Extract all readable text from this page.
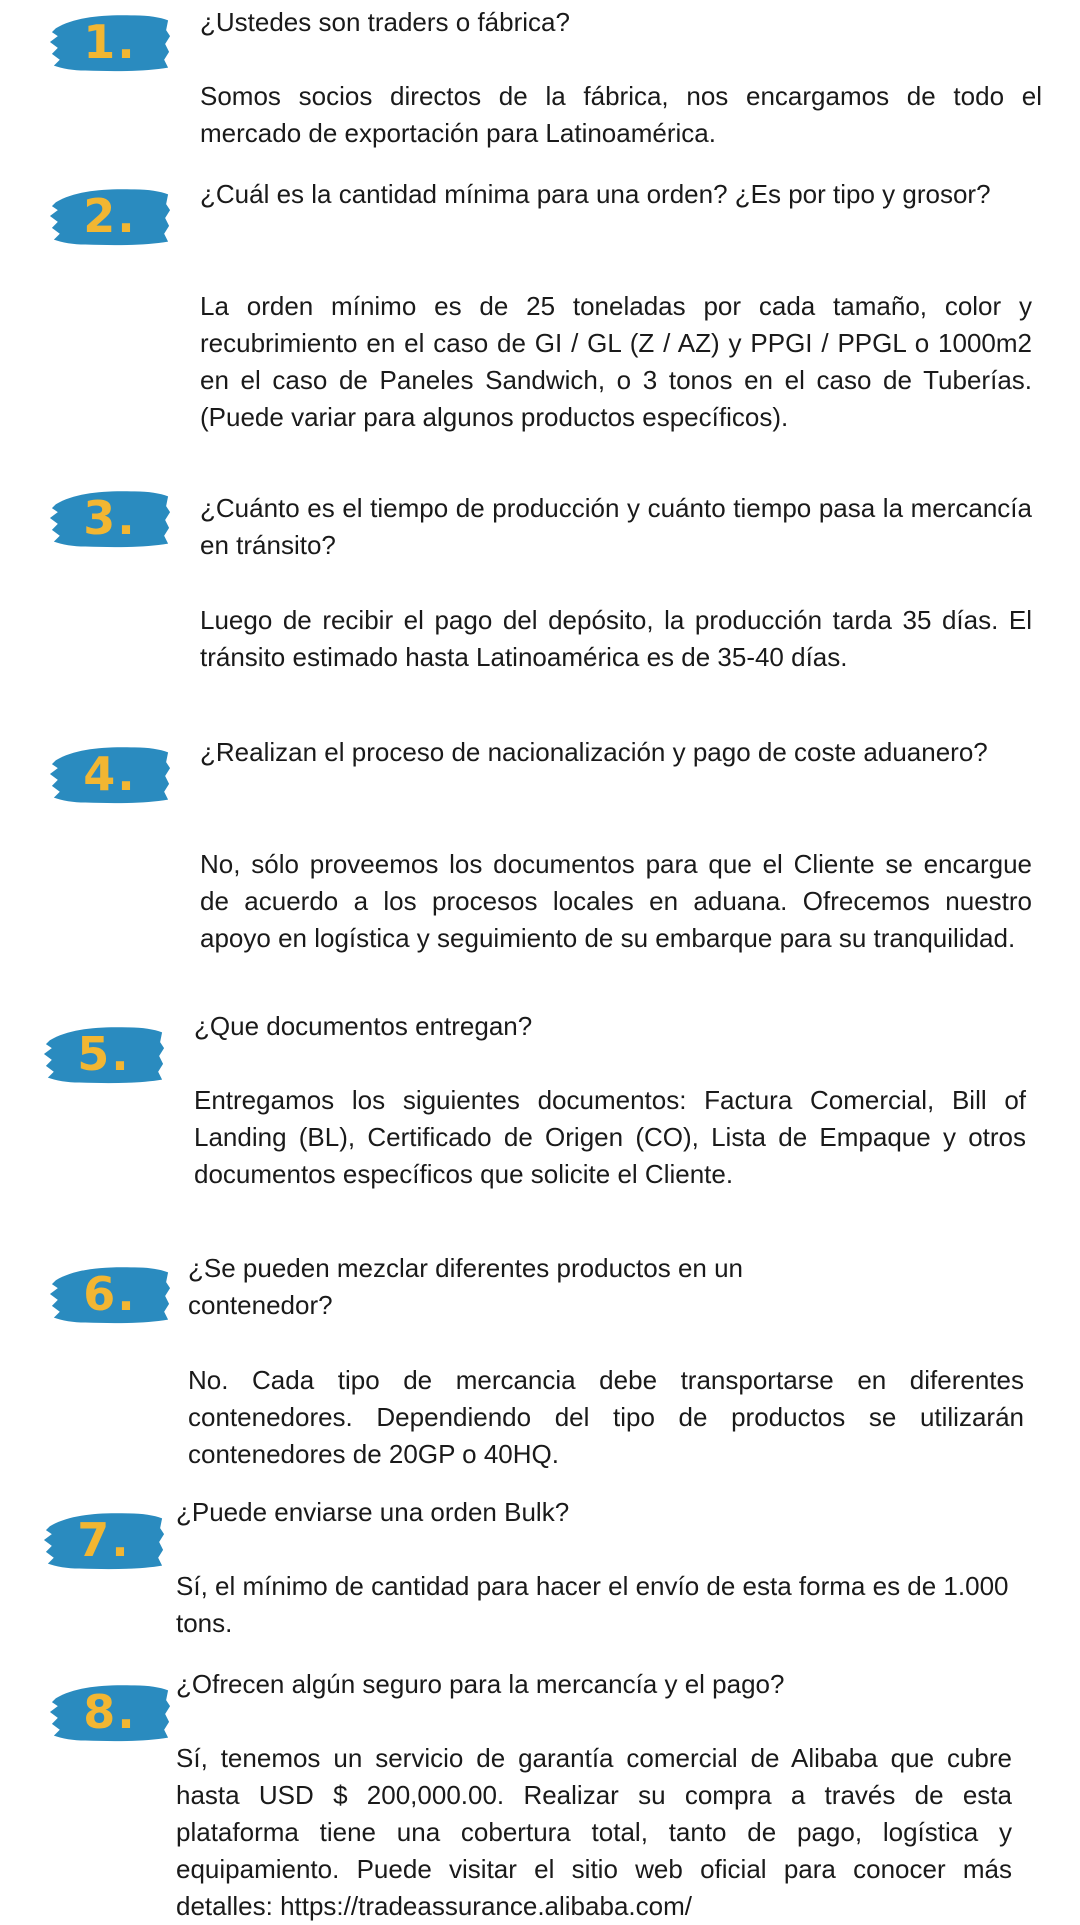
1.	¿Ustedes son traders o fábrica?
Somos socios directos de la fábrica, nos encargamos de todo el mercado de exportación para Latinoamérica.
2.	¿Cuál es la cantidad mínima para una orden? ¿Es por tipo y grosor?
La orden mínimo es de 25 toneladas por cada tamaño, color y recubrimiento en el caso de GI / GL (Z / AZ) y PPGI / PPGL o 1000m2 en el caso de Paneles Sandwich, o 3 tonos en el caso de Tuberías. (Puede variar para algunos productos específicos).
3.	¿Cuánto es el tiempo de producción y cuánto tiempo pasa la mercancía en tránsito?
Luego de recibir el pago del depósito, la producción tarda 35 días. El tránsito estimado hasta Latinoamérica es de 35-40 días.
4.	¿Realizan el proceso de nacionalización y pago de coste aduanero?
No, sólo proveemos los documentos para que el Cliente se encargue de acuerdo a los procesos locales en aduana. Ofrecemos nuestro apoyo en logística y seguimiento de su embarque para su tranquilidad.
5.
¿Que documentos entregan?
Entregamos los siguientes documentos: Factura Comercial, Bill of Landing (BL), Certificado de Origen (CO), Lista de Empaque y otros documentos específicos que solicite el Cliente.
6.	¿Se pueden mezclar diferentes productos en un contenedor?
No. Cada tipo de mercancia debe transportarse en diferentes contenedores. Dependiendo del tipo de productos se utilizarán contenedores de 20GP o 40HQ.
7.
¿Puede enviarse una orden Bulk?
Sí, el mínimo de cantidad para hacer el envío de esta forma es de 1.000 tons.
8.
¿Ofrecen algún seguro para la mercancía y el pago?
Sí, tenemos un servicio de garantía comercial de Alibaba que cubre hasta USD $ 200,000.00. Realizar su compra a través de esta plataforma tiene una cobertura total, tanto de pago, logística y equipamiento. Puede visitar el sitio web oficial para conocer más detalles: https://tradeassurance.alibaba.com/
